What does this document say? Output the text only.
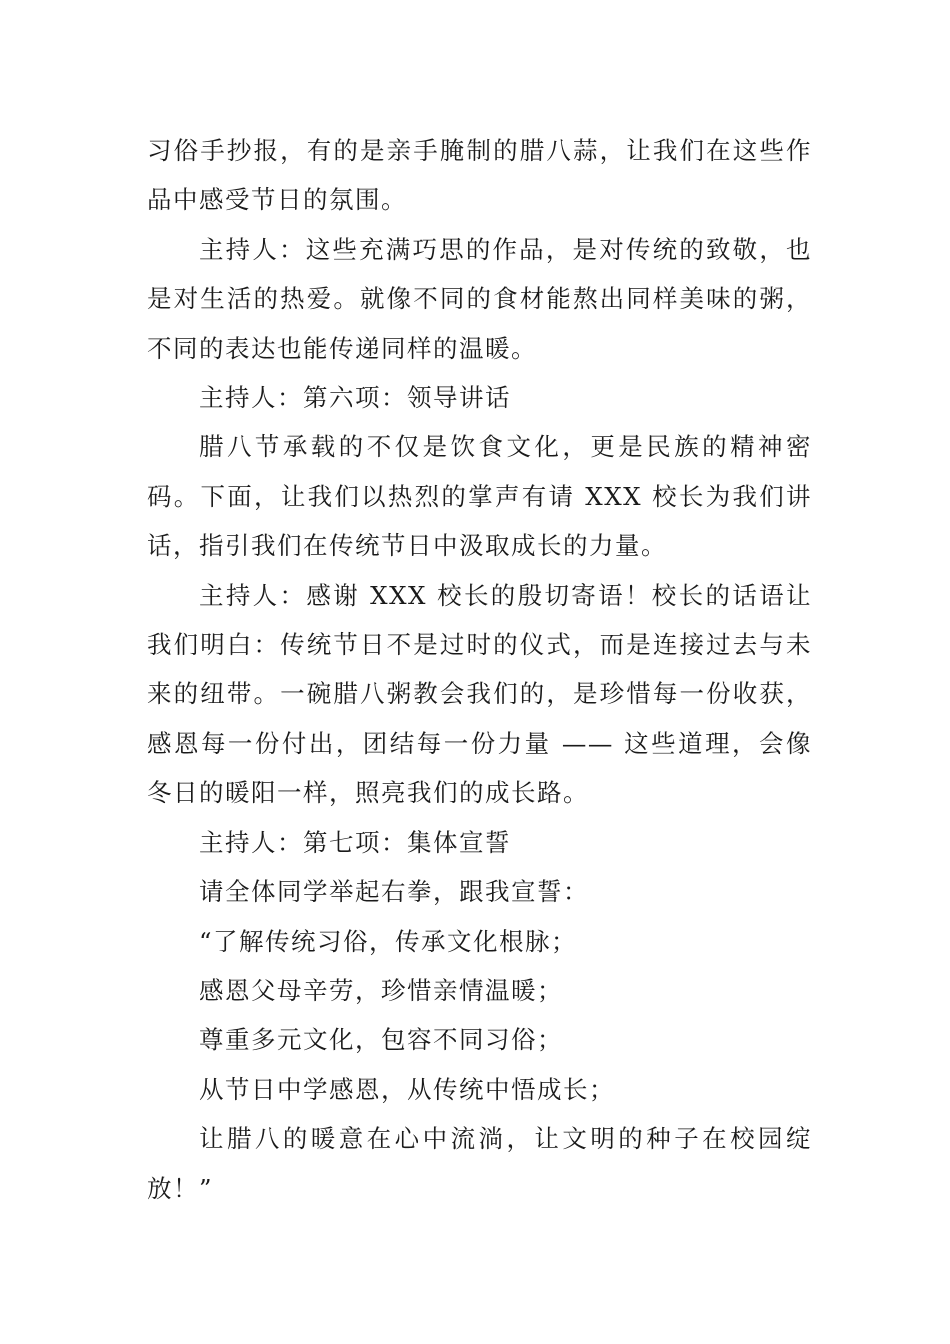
习俗手抄报，有的是亲手腌制的腊八蒜，让我们在这些作品中感受节日的氛围。

主持人：这些充满巧思的作品，是对传统的致敬，也是对生活的热爱。就像不同的食材能熬出同样美味的粥，不同的表达也能传递同样的温暖。

主持人：第六项：领导讲话

腊八节承载的不仅是饮食文化，更是民族的精神密码。下面，让我们以热烈的掌声有请 XXX 校长为我们讲话，指引我们在传统节日中汲取成长的力量。

主持人：感谢 XXX 校长的殷切寄语！校长的话语让我们明白：传统节日不是过时的仪式，而是连接过去与未来的纽带。一碗腊八粥教会我们的，是珍惜每一份收获，感恩每一份付出，团结每一份力量 —— 这些道理，会像冬日的暖阳一样，照亮我们的成长路。

主持人：第七项：集体宣誓

请全体同学举起右拳，跟我宣誓：

“了解传统习俗，传承文化根脉；

感恩父母辛劳，珍惜亲情温暖；

尊重多元文化，包容不同习俗；

从节日中学感恩，从传统中悟成长；

让腊八的暖意在心中流淌，让文明的种子在校园绽放！”
